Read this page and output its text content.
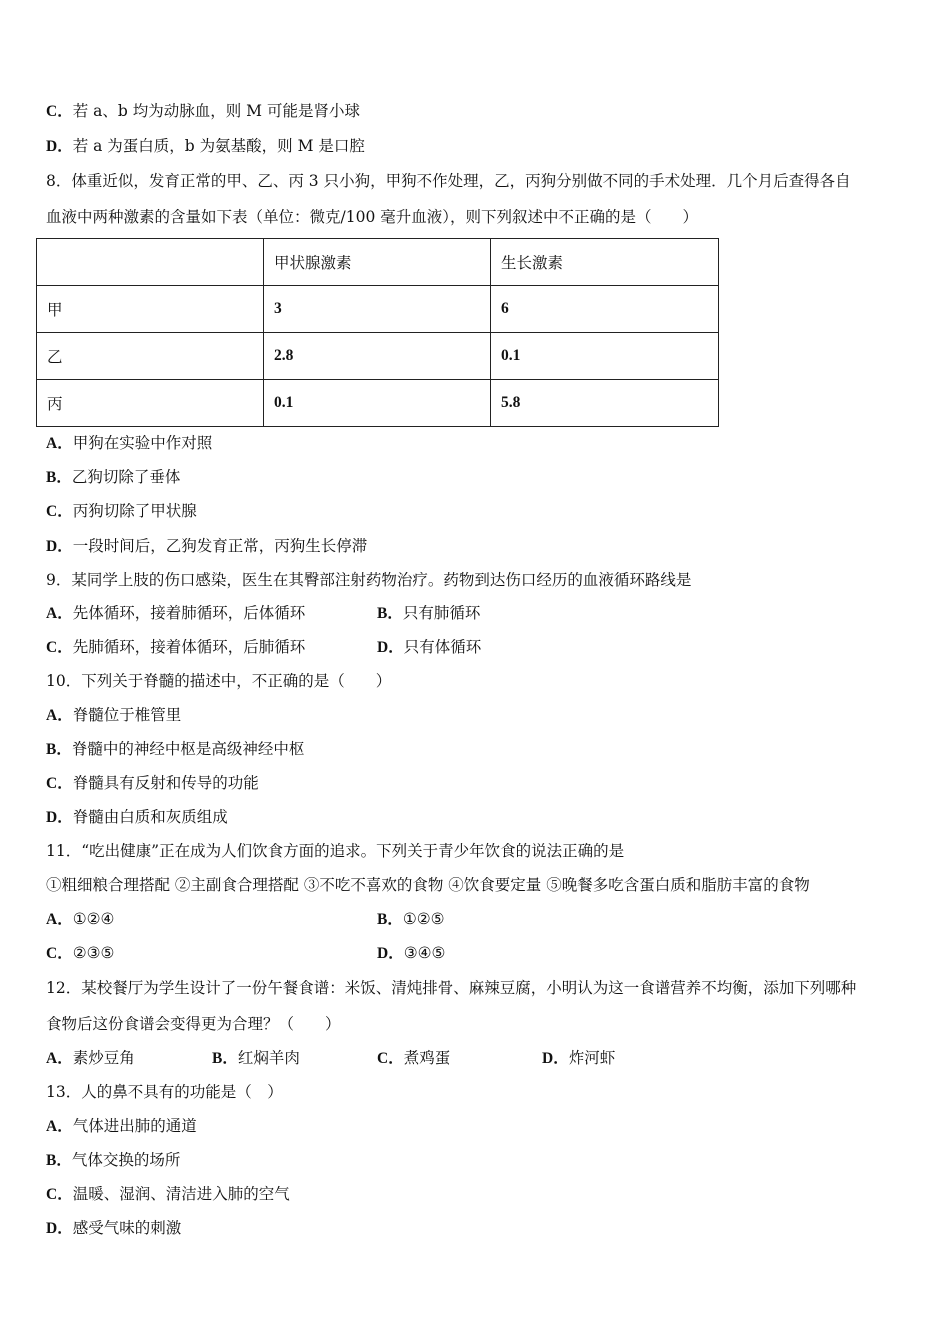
C．若 a、b 均为动脉血，则 M 可能是肾小球
D．若 a 为蛋白质，b 为氨基酸，则 M 是口腔
8．体重近似，发育正常的甲、乙、丙 3 只小狗，甲狗不作处理，乙，丙狗分别做不同的手术处理．几个月后查得各自
血液中两种激素的含量如下表（单位：微克/100 毫升血液），则下列叙述中不正确的是（　　）
	甲状腺激素	生长激素
甲	3	6
乙	2.8	0.1
丙	0.1	5.8
A．甲狗在实验中作对照
B．乙狗切除了垂体
C．丙狗切除了甲状腺
D．一段时间后，乙狗发育正常，丙狗生长停滞
9．某同学上肢的伤口感染，医生在其臀部注射药物治疗。药物到达伤口经历的血液循环路线是
A．先体循环，接着肺循环，后体循环	B．只有肺循环
C．先肺循环，接着体循环，后肺循环	D．只有体循环
10．下列关于脊髓的描述中，不正确的是（　　）
A．脊髓位于椎管里
B．脊髓中的神经中枢是高级神经中枢
C．脊髓具有反射和传导的功能
D．脊髓由白质和灰质组成
11．“吃出健康”正在成为人们饮食方面的追求。下列关于青少年饮食的说法正确的是
①粗细粮合理搭配 ②主副食合理搭配 ③不吃不喜欢的食物 ④饮食要定量 ⑤晚餐多吃含蛋白质和脂肪丰富的食物
A．①②④	B．①②⑤
C．②③⑤	D．③④⑤
12．某校餐厅为学生设计了一份午餐食谱：米饭、清炖排骨、麻辣豆腐，小明认为这一食谱营养不均衡，添加下列哪种
食物后这份食谱会变得更为合理？（　　）
A．素炒豆角	B．红焖羊肉	C．煮鸡蛋	D．炸河虾
13．人的鼻不具有的功能是（　）
A．气体进出肺的通道
B．气体交换的场所
C．温暖、湿润、清洁进入肺的空气
D．感受气味的刺激
